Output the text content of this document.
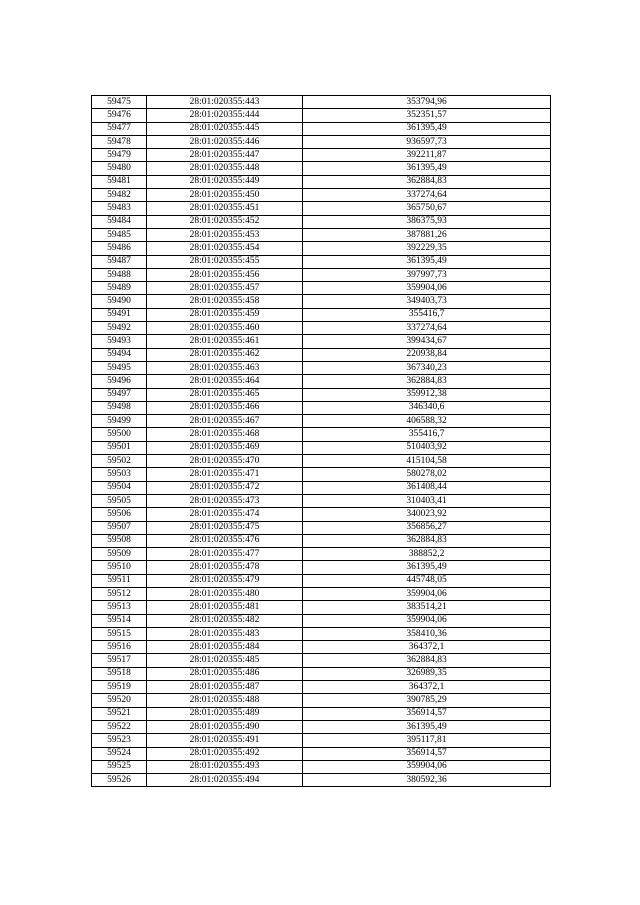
59475	28:01:020355:443	353794,96
59476	28:01:020355:444	352351,57
59477	28:01:020355:445	361395,49
59478	28:01:020355:446	936597,73
59479	28:01:020355:447	392211,87
59480	28:01:020355:448	361395,49
59481	28:01:020355:449	362884,83
59482	28:01:020355:450	337274,64
59483	28:01:020355:451	365750,67
59484	28:01:020355:452	386375,93
59485	28:01:020355:453	387881,26
59486	28:01:020355:454	392229,35
59487	28:01:020355:455	361395,49
59488	28:01:020355:456	397997,73
59489	28:01:020355:457	359904,06
59490	28:01:020355:458	349403,73
59491	28:01:020355:459	355416,7
59492	28:01:020355:460	337274,64
59493	28:01:020355:461	399434,67
59494	28:01:020355:462	220938,84
59495	28:01:020355:463	367340,23
59496	28:01:020355:464	362884,83
59497	28:01:020355:465	359912,38
59498	28:01:020355:466	346340,6
59499	28:01:020355:467	406588,32
59500	28:01:020355:468	355416,7
59501	28:01:020355:469	510403,92
59502	28:01:020355:470	415104,58
59503	28:01:020355:471	580278,02
59504	28:01:020355:472	361408,44
59505	28:01:020355:473	310403,41
59506	28:01:020355:474	340023,92
59507	28:01:020355:475	356856,27
59508	28:01:020355:476	362884,83
59509	28:01:020355:477	388852,2
59510	28:01:020355:478	361395,49
59511	28:01:020355:479	445748,05
59512	28:01:020355:480	359904,06
59513	28:01:020355:481	383514,21
59514	28:01:020355:482	359904,06
59515	28:01:020355:483	358410,36
59516	28:01:020355:484	364372,1
59517	28:01:020355:485	362884,83
59518	28:01:020355:486	326989,35
59519	28:01:020355:487	364372,1
59520	28:01:020355:488	390785,29
59521	28:01:020355:489	356914,57
59522	28:01:020355:490	361395,49
59523	28:01:020355:491	395117,81
59524	28:01:020355:492	356914,57
59525	28:01:020355:493	359904,06
59526	28:01:020355:494	380592,36
